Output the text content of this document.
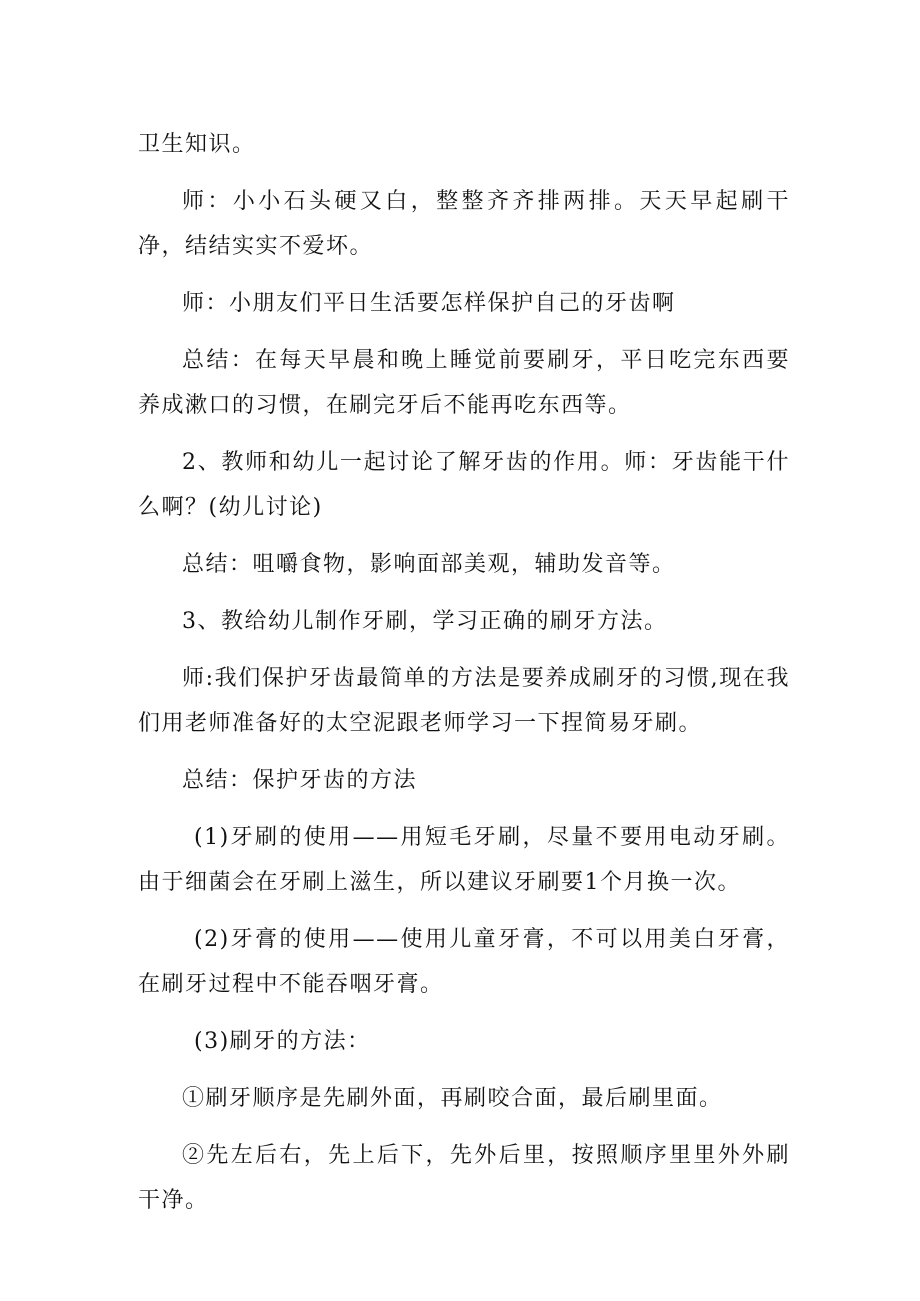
卫生知识。

师：小小石头硬又白，整整齐齐排两排。天天早起刷干净，结结实实不爱坏。

师：小朋友们平日生活要怎样保护自己的牙齿啊

总结：在每天早晨和晚上睡觉前要刷牙，平日吃完东西要养成漱口的习惯，在刷完牙后不能再吃东西等。

2、教师和幼儿一起讨论了解牙齿的作用。师：牙齿能干什么啊？(幼儿讨论)

总结：咀嚼食物，影响面部美观，辅助发音等。

3、教给幼儿制作牙刷，学习正确的刷牙方法。

师:我们保护牙齿最简单的方法是要养成刷牙的习惯,现在我们用老师准备好的太空泥跟老师学习一下捏简易牙刷。

总结：保护牙齿的方法

(1)牙刷的使用——用短毛牙刷，尽量不要用电动牙刷。由于细菌会在牙刷上滋生，所以建议牙刷要1个月换一次。

(2)牙膏的使用——使用儿童牙膏，不可以用美白牙膏，在刷牙过程中不能吞咽牙膏。

(3)刷牙的方法：

①刷牙顺序是先刷外面，再刷咬合面，最后刷里面。

②先左后右，先上后下，先外后里，按照顺序里里外外刷干净。
